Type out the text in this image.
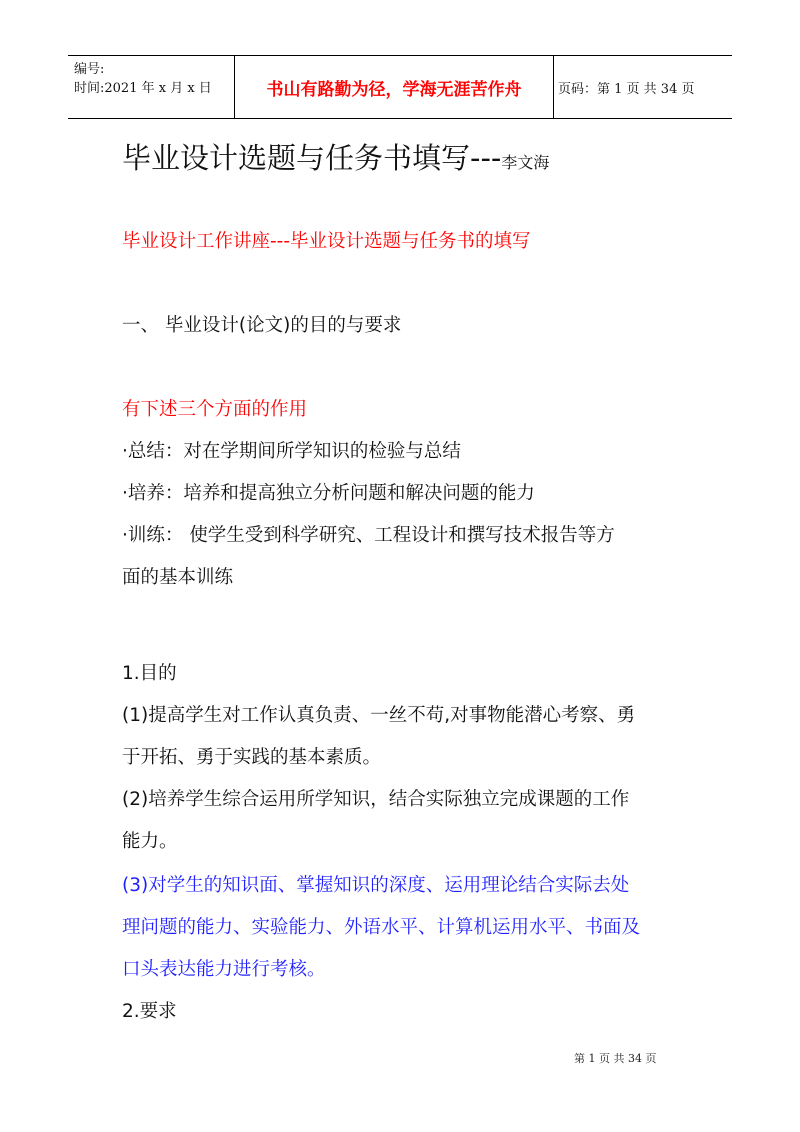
编号:
时间:2021 年 x 月 x 日	书山有路勤为径，学海无涯苦作舟	页码：第 1 页 共 34 页
毕业设计选题与任务书填写---李文海
毕业设计工作讲座---毕业设计选题与任务书的填写
一、 毕业设计(论文)的目的与要求
有下述三个方面的作用
·总结：对在学期间所学知识的检验与总结
·培养：培养和提高独立分析问题和解决问题的能力
·训练： 使学生受到科学研究、工程设计和撰写技术报告等方
面的基本训练
1.目的
(1)提高学生对工作认真负责、一丝不苟,对事物能潜心考察、勇
于开拓、勇于实践的基本素质。
(2)培养学生综合运用所学知识，结合实际独立完成课题的工作
能力。
(3)对学生的知识面、掌握知识的深度、运用理论结合实际去处
理问题的能力、实验能力、外语水平、计算机运用水平、书面及
口头表达能力进行考核。
2.要求
第 1 页 共 34 页
